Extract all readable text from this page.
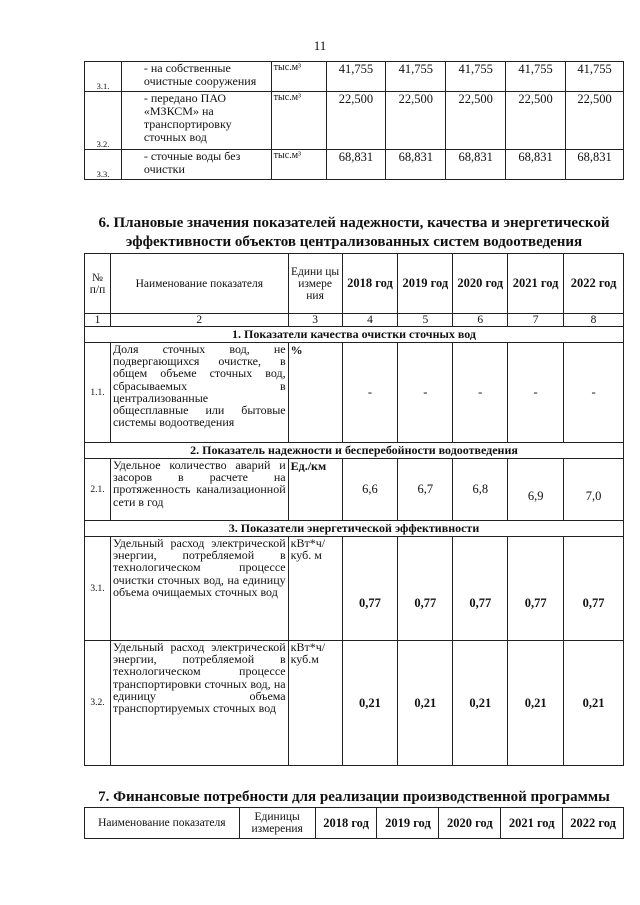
11
3.1.	- на собственные очистные сооружения	тыс.м³	41,755	41,755	41,755	41,755	41,755
3.2.	- передано ПАО «МЗКСМ» на транспортировку сточных вод	тыс.м³	22,500	22,500	22,500	22,500	22,500
3.3.	- сточные воды без очистки	тыс.м³	68,831	68,831	68,831	68,831	68,831
6. Плановые значения показателей надежности, качества и энергетической эффективности объектов централизованных систем водоотведения
№ п/п	Наименование показателя	Едини цы измере ния	2018 год	2019 год	2020 год	2021 год	2022 год
1	2	3	4	5	6	7	8
1. Показатели качества очистки сточных вод							
1.1.	Доля сточных вод, не подвергающихся очистке, в общем объеме сточных вод, сбрасываемых в централизованные общесплавные или бытовые системы водоотведения	%	-	-	-	-	-
2. Показатель надежности и бесперебойности водоотведения							
2.1.	Удельное количество аварий и засоров в расчете на протяженность канализационной сети в год	Ед./км	6,6	6,7	6,8	6,9	7,0
3. Показатели энергетической эффективности							
3.1.	Удельный расход электрической энергии, потребляемой в технологическом процессе очистки сточных вод, на единицу объема очищаемых сточных вод	кВт*ч/ куб. м	0,77	0,77	0,77	0,77	0,77
3.2.	Удельный расход электрической энергии, потребляемой в технологическом процессе транспортировки сточных вод, на единицу объема транспортируемых сточных вод	кВт*ч/ куб.м	0,21	0,21	0,21	0,21	0,21
7. Финансовые потребности для реализации производственной программы
Наименование показателя	Единицы измерения	2018 год	2019 год	2020 год	2021 год	2022 год
